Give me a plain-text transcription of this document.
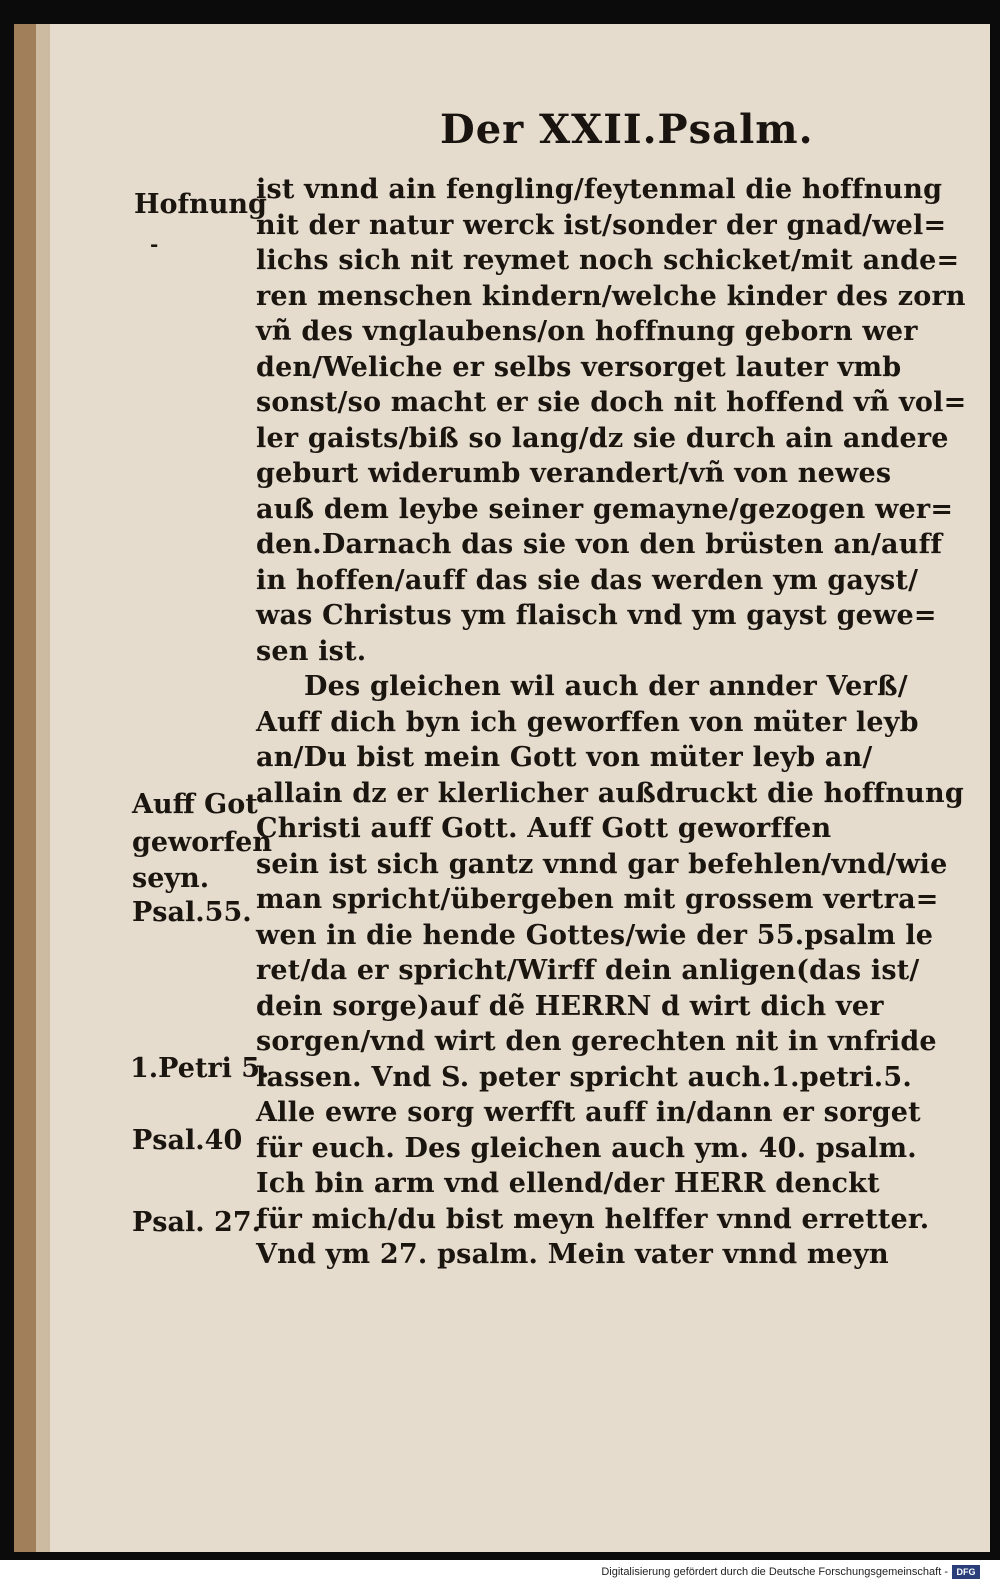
Der XXII.Psalm.
Hofnung
-
Auff Got
geworfen
seyn.
Psal.55.
1.Petri 5.
Psal.40
Psal. 27.
ist vnnd ain fengling/feytenmal die hoffnung
nit der natur werck ist/sonder der gnad/wel=
lichs sich nit reymet noch schicket/mit ande=
ren menschen kindern/welche kinder des zorn
vñ des vnglaubens/on hoffnung geborn wer
den/Weliche er selbs versorget lauter vmb
sonst/so macht er sie doch nit hoffend vñ vol=
ler gaists/biß so lang/dz sie durch ain andere
geburt widerumb verandert/vñ von newes
auß dem leybe seiner gemayne/gezogen wer=
den.Darnach das sie von den brüsten an/auff
in hoffen/auff das sie das werden ym gayst/
was Christus ym flaisch vnd ym gayst gewe=
sen ist.
Des gleichen wil auch der annder Verß/
Auff dich byn ich geworffen von müter leyb
an/Du bist mein Gott von müter leyb an/
allain dz er klerlicher außdruckt die hoffnung
Christi auff Gott. Auff Gott geworffen
sein ist sich gantz vnnd gar befehlen/vnd/wie
man spricht/übergeben mit grossem vertra=
wen in die hende Gottes/wie der 55.psalm le
ret/da er spricht/Wirff dein anligen(das ist/
dein sorge)auf dẽ HERRN d wirt dich ver
sorgen/vnd wirt den gerechten nit in vnfride
lassen. Vnd S. peter spricht auch.1.petri.5.
Alle ewre sorg werfft auff in/dann er sorget
für euch. Des gleichen auch ym. 40. psalm.
Ich bin arm vnd ellend/der HERR denckt
für mich/du bist meyn helffer vnnd erretter.
Vnd ym 27. psalm. Mein vater vnnd meyn
Digitalisierung gefördert durch die Deutsche Forschungsgemeinschaft - DFG
